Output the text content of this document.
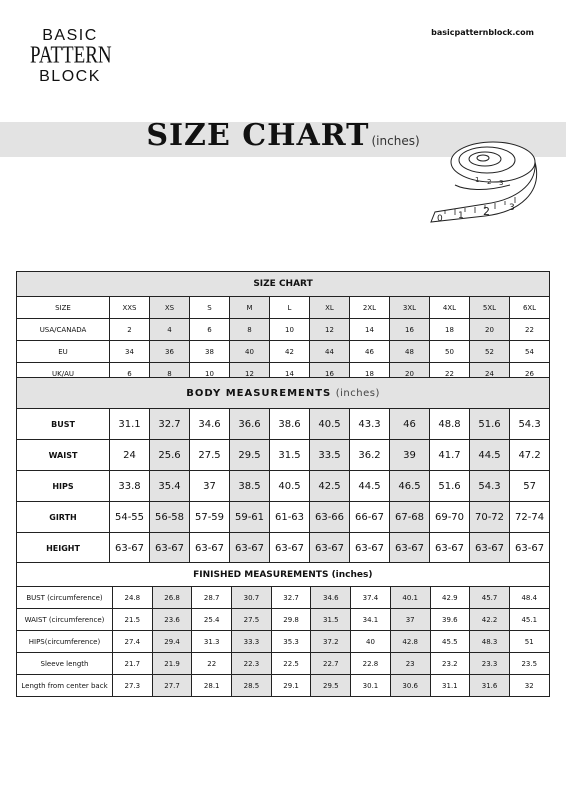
BASIC
PATTERN
BLOCK
basicpatternblock.com
SIZE CHART (inches)
0 1 2 3
1 2 3
SIZE CHART											
SIZE	XXS	XS	S	M	L	XL	2XL	3XL	4XL	5XL	6XL
USA/CANADA	2	4	6	8	10	12	14	16	18	20	22
EU	34	36	38	40	42	44	46	48	50	52	54
UK/AU	6	8	10	12	14	16	18	20	22	24	26
BODY MEASUREMENTS (inches)											
BUST	31.1	32.7	34.6	36.6	38.6	40.5	43.3	46	48.8	51.6	54.3
WAIST	24	25.6	27.5	29.5	31.5	33.5	36.2	39	41.7	44.5	47.2
HIPS	33.8	35.4	37	38.5	40.5	42.5	44.5	46.5	51.6	54.3	57
GIRTH	54-55	56-58	57-59	59-61	61-63	63-66	66-67	67-68	69-70	70-72	72-74
HEIGHT	63-67	63-67	63-67	63-67	63-67	63-67	63-67	63-67	63-67	63-67	63-67
FINISHED MEASUREMENTS (inches)											
BUST (circumference)	24.8	26.8	28.7	30.7	32.7	34.6	37.4	40.1	42.9	45.7	48.4
WAIST (circumference)	21.5	23.6	25.4	27.5	29.8	31.5	34.1	37	39.6	42.2	45.1
HIPS(circumference)	27.4	29.4	31.3	33.3	35.3	37.2	40	42.8	45.5	48.3	51
Sleeve length	21.7	21.9	22	22.3	22.5	22.7	22.8	23	23.2	23.3	23.5
Length from center back	27.3	27.7	28.1	28.5	29.1	29.5	30.1	30.6	31.1	31.6	32
